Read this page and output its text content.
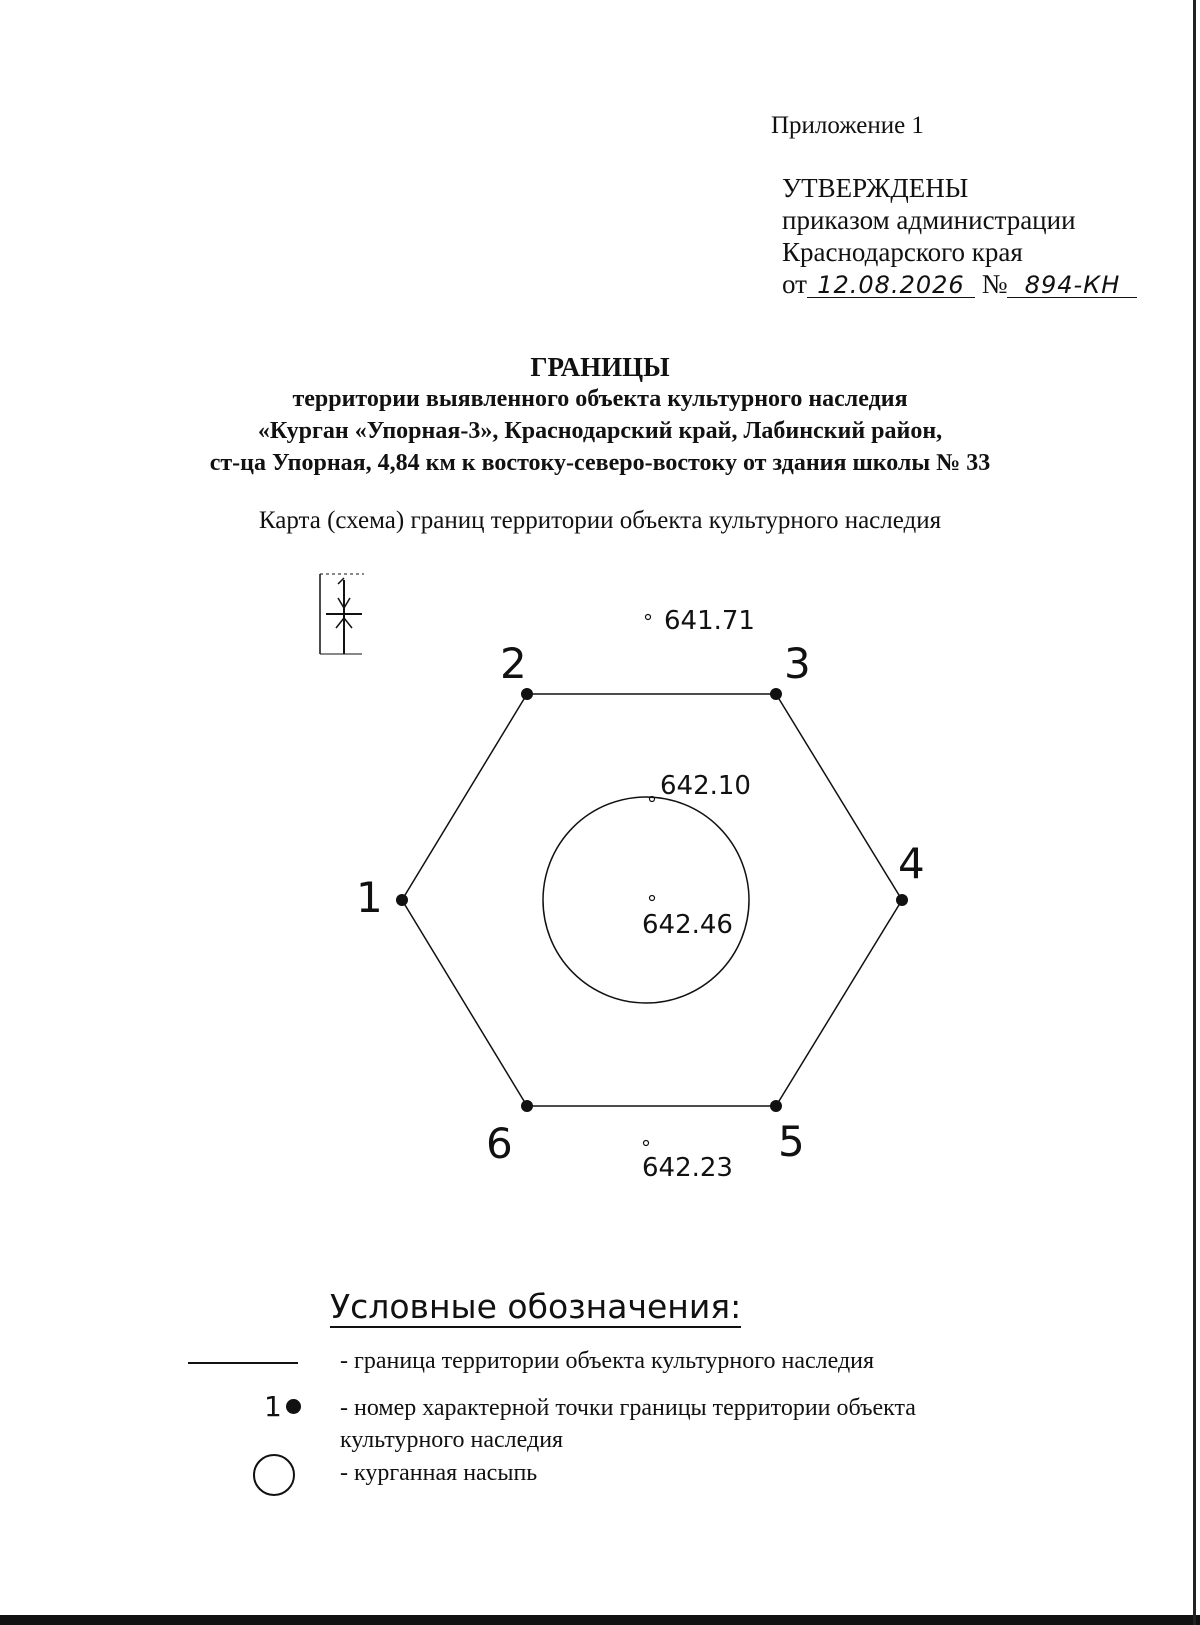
Приложение 1
УТВЕРЖДЕНЫ
приказом администрации
Краснодарского края
от 12.08.2026 № 894-КН
ГРАНИЦЫ
территории выявленного объекта культурного наследия
«Курган «Упорная-3», Краснодарский край, Лабинский район,
ст-ца Упорная, 4,84 км к востоку-северо-востоку от здания школы № 33
Карта (схема) границ территории объекта культурного наследия
1
2	3
4
5
6
641.71
642.10
642.46
642.23
Условные обозначения:
- граница территории объекта культурного наследия
1 - номер характерной точки границы территории объекта
культурного наследия
- курганная насыпь
